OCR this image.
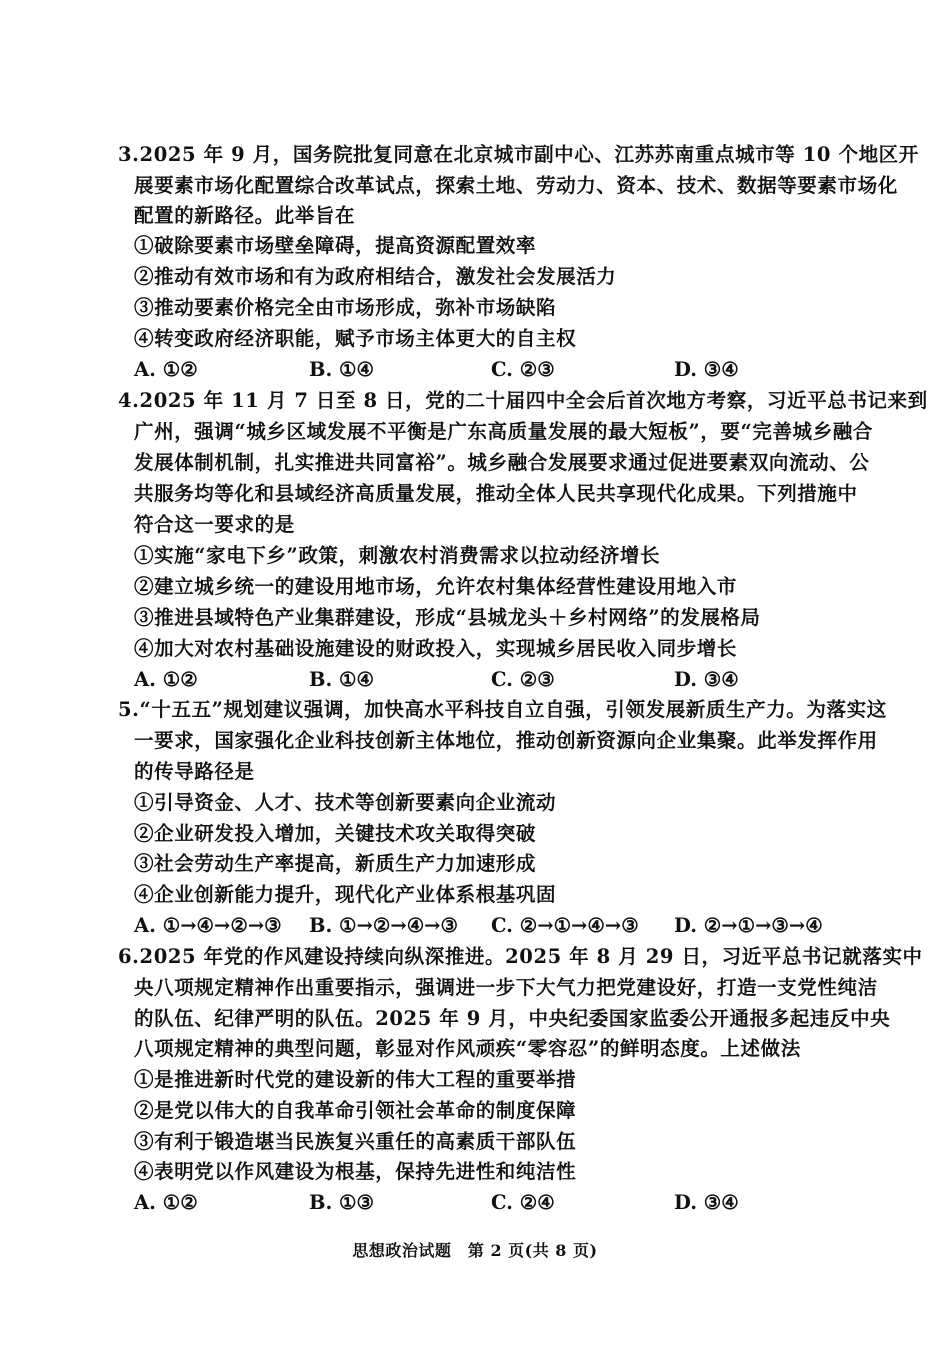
3.2025 年 9 月，国务院批复同意在北京城市副中心、江苏苏南重点城市等 10 个地区开
展要素市场化配置综合改革试点，探索土地、劳动力、资本、技术、数据等要素市场化
配置的新路径。此举旨在
①破除要素市场壁垒障碍，提高资源配置效率
②推动有效市场和有为政府相结合，激发社会发展活力
③推动要素价格完全由市场形成，弥补市场缺陷
④转变政府经济职能，赋予市场主体更大的自主权
A. ①②	B. ①④	C. ②③	D. ③④
4.2025 年 11 月 7 日至 8 日，党的二十届四中全会后首次地方考察，习近平总书记来到
广州，强调“城乡区域发展不平衡是广东高质量发展的最大短板”，要“完善城乡融合
发展体制机制，扎实推进共同富裕”。城乡融合发展要求通过促进要素双向流动、公
共服务均等化和县域经济高质量发展，推动全体人民共享现代化成果。下列措施中
符合这一要求的是
①实施“家电下乡”政策，刺激农村消费需求以拉动经济增长
②建立城乡统一的建设用地市场，允许农村集体经营性建设用地入市
③推进县域特色产业集群建设，形成“县城龙头＋乡村网络”的发展格局
④加大对农村基础设施建设的财政投入，实现城乡居民收入同步增长
A. ①②	B. ①④	C. ②③	D. ③④
5.“十五五”规划建议强调，加快高水平科技自立自强，引领发展新质生产力。为落实这
一要求，国家强化企业科技创新主体地位，推动创新资源向企业集聚。此举发挥作用
的传导路径是
①引导资金、人才、技术等创新要素向企业流动
②企业研发投入增加，关键技术攻关取得突破
③社会劳动生产率提高，新质生产力加速形成
④企业创新能力提升，现代化产业体系根基巩固
A. ①→④→②→③ B. ①→②→④→③ C. ②→①→④→③ D. ②→①→③→④
6.2025 年党的作风建设持续向纵深推进。2025 年 8 月 29 日，习近平总书记就落实中
央八项规定精神作出重要指示，强调进一步下大气力把党建设好，打造一支党性纯洁
的队伍、纪律严明的队伍。2025 年 9 月，中央纪委国家监委公开通报多起违反中央
八项规定精神的典型问题，彰显对作风顽疾“零容忍”的鲜明态度。上述做法
①是推进新时代党的建设新的伟大工程的重要举措
②是党以伟大的自我革命引领社会革命的制度保障
③有利于锻造堪当民族复兴重任的高素质干部队伍
④表明党以作风建设为根基，保持先进性和纯洁性
A. ①②	B. ①③	C. ②④	D. ③④
思想政治试题　第 2 页(共 8 页)
